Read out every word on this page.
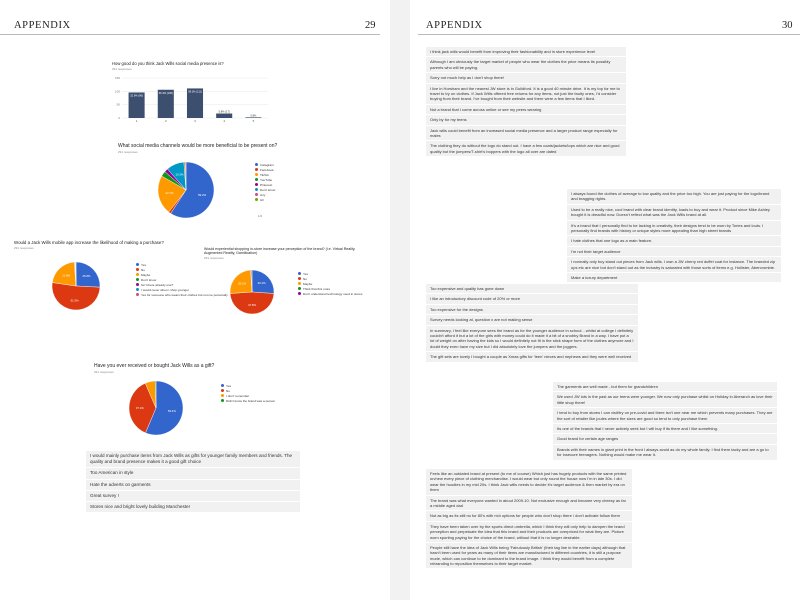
APPENDIX	29
How good do you think Jack Wills social media presence is?
291 responses
0
50
100
150
32.9% (96)
1
36.4% (106)
2
38.1% (111)
3
5.8% (17)
4
0.8%
5
What social media channels would be more beneficial to be present on?
291 responses
59.2%
22.7%
10.3%
Instagram
Facebook
TikTok
YouTube
Pinterest
Don't know
Any
All
1/2
Would a Jack Wills mobile app increase the likelihood of making a purchase?
291 responses
25.8%
51.5%
21.6%
Yes
No
Maybe
Don't know
Isn't there already one?
I would never when I shop younger
Yes for someone who wears their clothes but not me personally
Would experiential shopping in-store increase your perception of the brand? (i.e. Virtual Reality, Augmented Reality, Gamification)
291 responses
26.1%
47.8%
25.1%
Yes
No
Maybe
Think that this more
Don't understand technology used in stores
Have you ever received or bought Jack Wills as a gift?
291 responses
56.4%
37.1%
Yes
No
I don't remember
Didn't know the brand was a person
I would mainly purchase items from Jack Wills as gifts for younger family members and friends. The quality and brand presence makes it a good gift choice
Too American in style
Hate the adverts on garments
Great survey !
Stores nice and bright lovely building Manchester
APPENDIX	30
I think jack wills would benefit from improving their fashionability and in store experience level
Although I am obviously the target market of people who wear the clothes the price means its possibly parents who will be paying.
Sorry not much help as I don't shop there!
I live in Horsham and the nearest JW store is in Guildford. It is a good 40 minute drive. It is my top for me to travel to try on clothes. If Jack Wills offered free returns for any items, not just the faulty ones, I'd consider buying from their brand. I've bought from their website and there were a few items that I liked.
Not a brand that I come across online or see my peers wearing
Only by for my teens
Jack wills could benefit from an increased social media presence and a larger product range especially for males
The clothing they do without the logo do stand out. I have a few coats/jackets/tops which are nice and good quality but the jumpers/T-shirt's boppers with the logo all over are dated
I always found the clothes of average to low quality and the price too high. You are just paying for the logo/brand and bragging rights.
Used to be a really nice, cool brand with clear brand identity, loads to buy and wear it. Product since Mike Ashley bought it is dreadful now. Doesn't reflect what was the Jack Wills brand at all.
It's a brand that I personally find to be lacking in creativity, their designs tend to be worn by Tories and louts. I personally find brands with history or unique styles more appealing than high street brands
I hate clothes that one logo as a main feature.
I'm not their target audience
I normally only buy stand out pieces from Jack wills. I own a JW cherry red duffel coat for instance. The branded zip ups etc are nice but don't stand out as the industry is saturated with those sorts of items e.g. Hollister, Abercrombie.
Make a luxury department
Too expensive and quality has gone down
I like an introductory discount code of 20% or more
Too expensive for the designs
Survey needs looking at, question x are not making sense
In summary, I feel like everyone sees the brand as for the younger audience in school... whilst at college I definitely couldn't afford it but a lot of the girls with money could do it made it a bit of a snobby Brand in a way. I have put a lot of weight on after having the kids so I would definitely not fit in the stick shape form of the clothes anymore and I doubt they even have my size but I did absolutely love the jumpers and the joggers.
The gift sets are lovely I bought a couple as Xmas gifts for 'teen' nieces and nephews and they were well received
The garments are well made - but them for grandchildren
We used JW lots in the past as our teens were younger. We now only purchase whilst on Holiday in Aberarch as love their little shop there!
I tend to buy from stores I can visit/try on pre-covid and there isn't one near me which prevents many purchases. They are the sort of retailer like joules where the sizes are good so tend to only purchase them
Its one of the brands that I never actively seek but I will buy if its there and I like something.
Good brand for certain age ranges
Brands with their names in giant print in the front I always avoid as do my whole family. I find them tacky and are a go to for insecure teenagers. Nothing would make me wear it.
Feels like an outdated brand at present (to me of course) Which just has hugely products with the same printed on/new every piece of clothing merchandise. I would wear but only round the house now I'm in late 30s. I did wear the hoodies in my mid 20s. I think Jack wills needs to decide it's target audience & then market by era on them
The brand was what everyone wanted in about 2009-10. Not exclusive enough and became very cheesy as far a middle aged dad
Not as big as its still no for 80's with rich options for people who don't shop there / don't activate follow them
They have been taken over by the sports direct umbrella, which I think they will only help to dampen the brand perception and perpetuate the idea that this brand and their products are overpriced for what they are. Picture worn sporting paying for the choice of the brand, without that it is no longer desirable.
People still have the idea of Jack Wills being 'Fabulously British' (their tag line in the earlier days) although that hasn't been used for years as many of their items are manufactured in different countries, it is still a purpose mode, which can continue to be dominant to the brand image. I think they would benefit from a complete rebranding to reposition themselves to their target market.
